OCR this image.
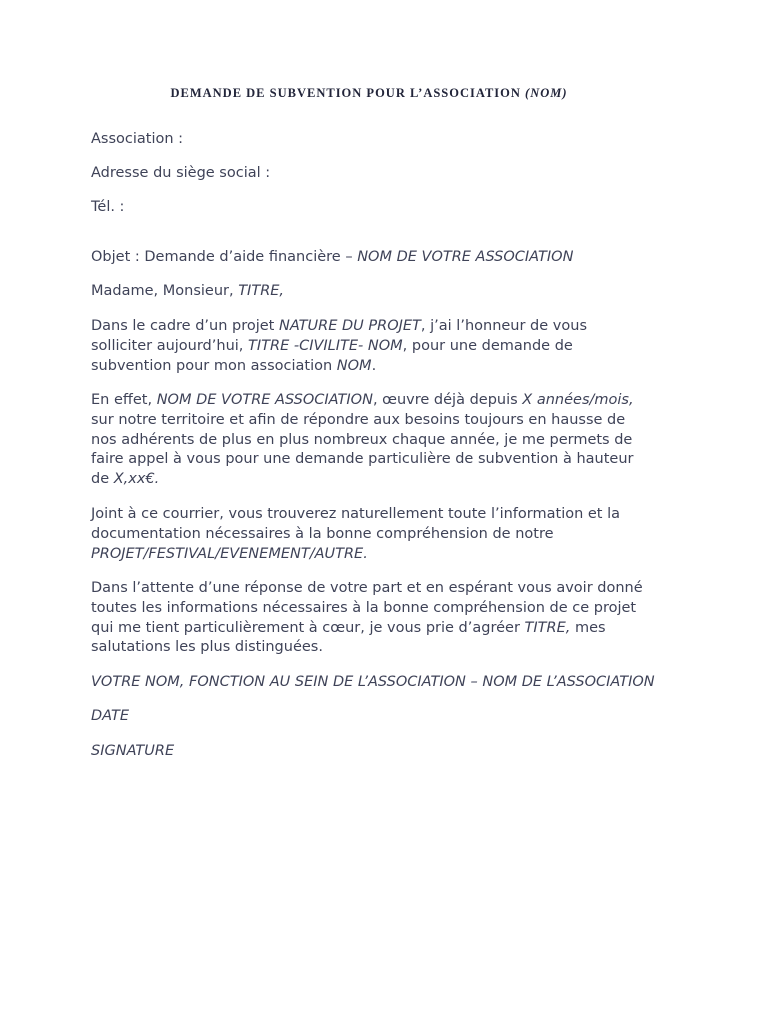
DEMANDE DE SUBVENTION POUR L’ASSOCIATION (NOM)

Association :

Adresse du siège social :

Tél. :

Objet : Demande d’aide financière – NOM DE VOTRE ASSOCIATION

Madame, Monsieur, TITRE,

Dans le cadre d’un projet NATURE DU PROJET, j’ai l’honneur de vous solliciter aujourd’hui, TITRE -CIVILITE- NOM, pour une demande de subvention pour mon association NOM.

En effet, NOM DE VOTRE ASSOCIATION, œuvre déjà depuis X années/mois, sur notre territoire et afin de répondre aux besoins toujours en hausse de nos adhérents de plus en plus nombreux chaque année, je me permets de faire appel à vous pour une demande particulière de subvention à hauteur de X,xx€.

Joint à ce courrier, vous trouverez naturellement toute l’information et la documentation nécessaires à la bonne compréhension de notre PROJET/FESTIVAL/EVENEMENT/AUTRE.

Dans l’attente d’une réponse de votre part et en espérant vous avoir donné toutes les informations nécessaires à la bonne compréhension de ce projet qui me tient particulièrement à cœur, je vous prie d’agréer TITRE, mes salutations les plus distinguées.

VOTRE NOM, FONCTION AU SEIN DE L’ASSOCIATION – NOM DE L’ASSOCIATION

DATE

SIGNATURE
